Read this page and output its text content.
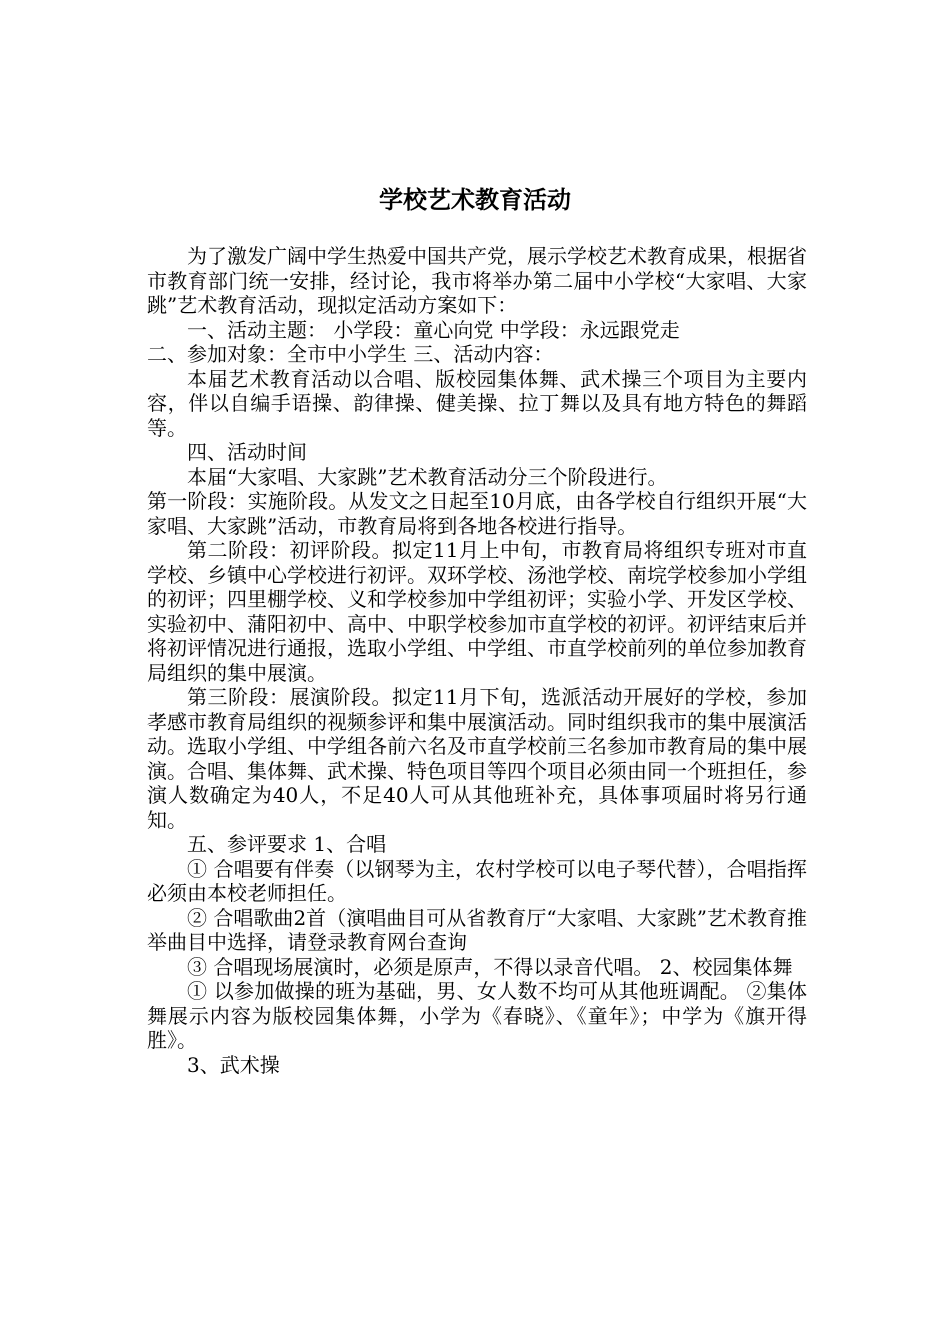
学校艺术教育活动

为了激发广阔中学生热爱中国共产党，展示学校艺术教育成果，根据省市教育部门统一安排，经讨论，我市将举办第二届中小学校“大家唱、大家跳”艺术教育活动，现拟定活动方案如下：

一、活动主题： 小学段：童心向党 中学段：永远跟党走

二、参加对象：全市中小学生 三、活动内容：

本届艺术教育活动以合唱、版校园集体舞、武术操三个项目为主要内容，伴以自编手语操、韵律操、健美操、拉丁舞以及具有地方特色的舞蹈等。

四、活动时间

本届“大家唱、大家跳”艺术教育活动分三个阶段进行。

第一阶段：实施阶段。从发文之日起至10月底，由各学校自行组织开展“大家唱、大家跳”活动，市教育局将到各地各校进行指导。

第二阶段：初评阶段。拟定11月上中旬，市教育局将组织专班对市直学校、乡镇中心学校进行初评。双环学校、汤池学校、南垸学校参加小学组的初评；四里棚学校、义和学校参加中学组初评；实验小学、开发区学校、实验初中、蒲阳初中、高中、中职学校参加市直学校的初评。初评结束后并将初评情况进行通报，选取小学组、中学组、市直学校前列的单位参加教育局组织的集中展演。

第三阶段：展演阶段。拟定11月下旬，选派活动开展好的学校，参加孝感市教育局组织的视频参评和集中展演活动。同时组织我市的集中展演活动。选取小学组、中学组各前六名及市直学校前三名参加市教育局的集中展演。合唱、集体舞、武术操、特色项目等四个项目必须由同一个班担任，参演人数确定为40人，不足40人可从其他班补充，具体事项届时将另行通知。

五、参评要求 1、合唱

① 合唱要有伴奏（以钢琴为主，农村学校可以电子琴代替），合唱指挥必须由本校老师担任。

② 合唱歌曲2首（演唱曲目可从省教育厅“大家唱、大家跳”艺术教育推举曲目中选择，请登录教育网台查询

③ 合唱现场展演时，必须是原声，不得以录音代唱。 2、校园集体舞

① 以参加做操的班为基础，男、女人数不均可从其他班调配。 ②集体舞展示内容为版校园集体舞，小学为《春晓》、《童年》；中学为《旗开得胜》。

3、武术操
